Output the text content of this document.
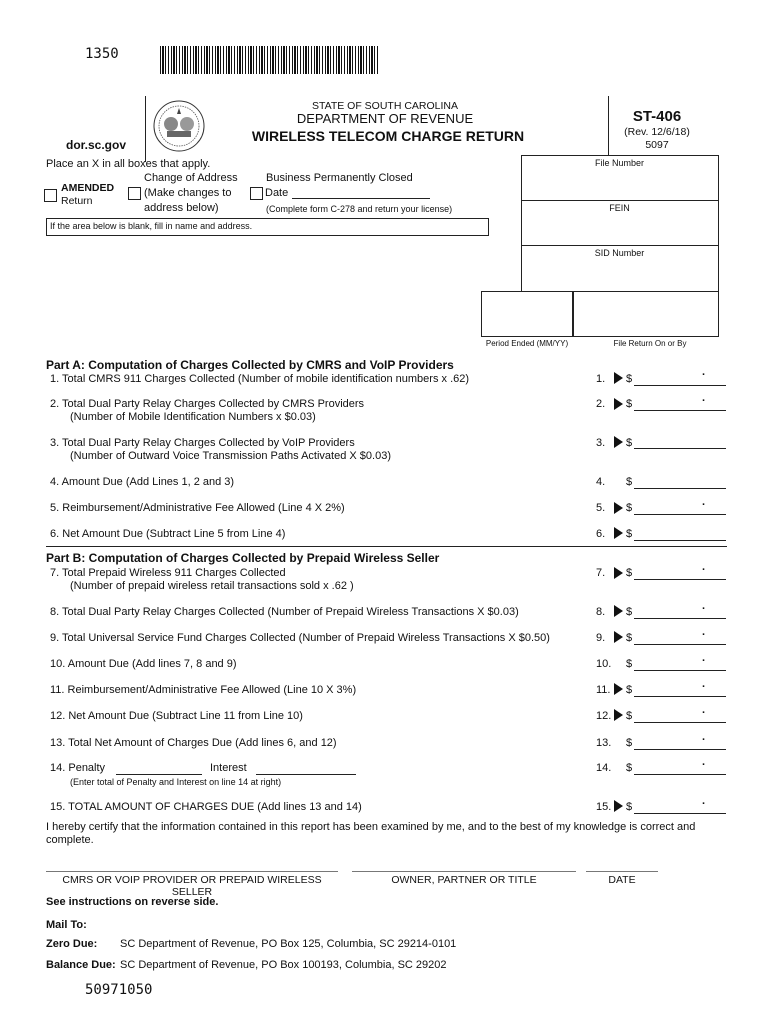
1350
dor.sc.gov
STATE OF SOUTH CAROLINA
DEPARTMENT OF REVENUE
WIRELESS TELECOM CHARGE RETURN
ST-406
(Rev. 12/6/18)
5097
Place an X in all boxes that apply.
AMENDED
Return
Change of Address
(Make changes to
address below)
Business Permanently Closed
Date
(Complete form C-278 and return your license)
If the area below is blank, fill in name and address.
File Number
FEIN
SID Number
Period Ended (MM/YY)	File Return On or By
Part A: Computation of Charges Collected by CMRS and VoIP Providers
1. Total CMRS 911 Charges Collected (Number of mobile identification numbers x .62)	1. $
.
2. Total Dual Party Relay Charges Collected by CMRS Providers
(Number of Mobile Identification Numbers x $0.03)
2. $	.
3. Total Dual Party Relay Charges Collected by VoIP Providers
(Number of Outward Voice Transmission Paths Activated X $0.03)
3. $
4. Amount Due (Add Lines 1, 2 and 3)	4. $
5. Reimbursement/Administrative Fee Allowed (Line 4 X 2%)	5. $	.
6. Net Amount Due (Subtract Line 5 from Line 4)	6. $
Part B: Computation of Charges Collected by Prepaid Wireless Seller
7. Total Prepaid Wireless 911 Charges Collected
(Number of prepaid wireless retail transactions sold x .62 )
7. $	.
8. Total Dual Party Relay Charges Collected (Number of Prepaid Wireless Transactions X $0.03)	8. $	.
9. Total Universal Service Fund Charges Collected (Number of Prepaid Wireless Transactions X $0.50)	9. $	.
10. Amount Due (Add lines 7, 8 and 9)	10. $	.
11. Reimbursement/Administrative Fee Allowed (Line 10 X 3%)	11. $	.
12. Net Amount Due (Subtract Line 11 from Line 10)	12. $	.
13. Total Net Amount of Charges Due (Add lines 6, and 12)	13. $	.
14. Penalty	Interest
(Enter total of Penalty and Interest on line 14 at right)
14. $	.
15. TOTAL AMOUNT OF CHARGES DUE (Add lines 13 and 14)	15. $	.
I hereby certify that the information contained in this report has been examined by me, and to the best of my knowledge is correct and complete.
CMRS OR VOIP PROVIDER OR PREPAID WIRELESS SELLER
OWNER, PARTNER OR TITLE	DATE
See instructions on reverse side.
Mail To:
Zero Due: SC Department of Revenue, PO Box 125, Columbia, SC 29214-0101
Balance Due: SC Department of Revenue, PO Box 100193, Columbia, SC 29202
50971050
